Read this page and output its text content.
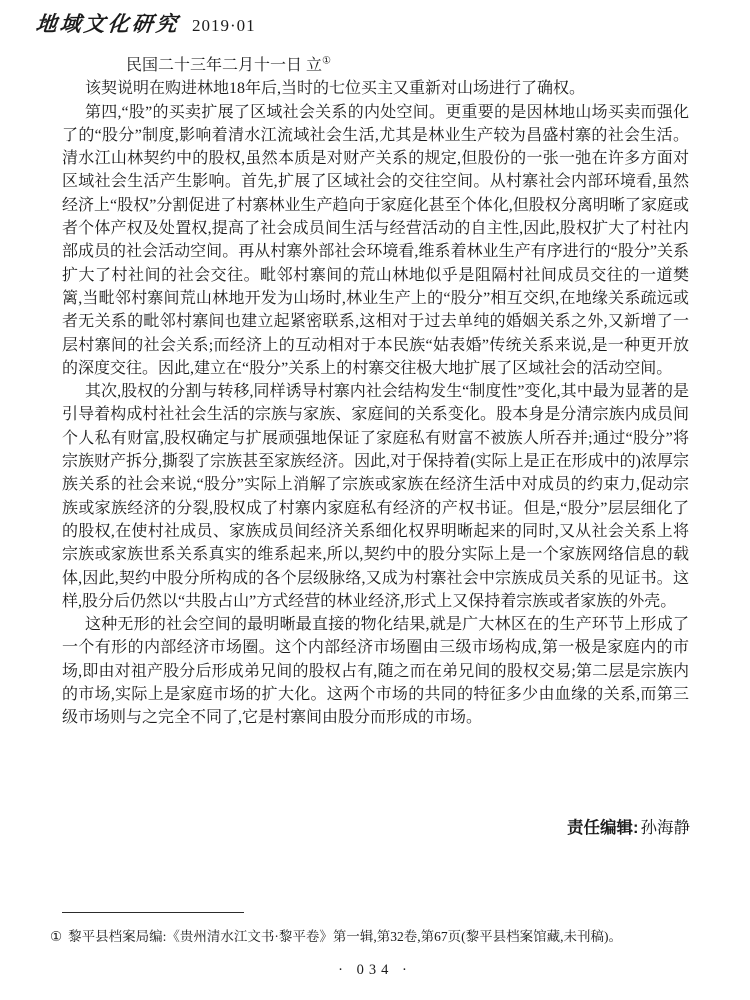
地域文化研究 2019·01

民国二十三年二月十一日 立①

该契说明在购进林地18年后,当时的七位买主又重新对山场进行了确权。

第四,“股”的买卖扩展了区域社会关系的内处空间。更重要的是因林地山场买卖而强化了的“股分”制度,影响着清水江流域社会生活,尤其是林业生产较为昌盛村寨的社会生活。清水江山林契约中的股权,虽然本质是对财产关系的规定,但股份的一张一弛在许多方面对区域社会生活产生影响。首先,扩展了区域社会的交往空间。从村寨社会内部环境看,虽然经济上“股权”分割促进了村寨林业生产趋向于家庭化甚至个体化,但股权分离明晰了家庭或者个体产权及处置权,提高了社会成员间生活与经营活动的自主性,因此,股权扩大了村社内部成员的社会活动空间。再从村寨外部社会环境看,维系着林业生产有序进行的“股分”关系扩大了村社间的社会交往。毗邻村寨间的荒山林地似乎是阻隔村社间成员交往的一道樊篱,当毗邻村寨间荒山林地开发为山场时,林业生产上的“股分”相互交织,在地缘关系疏远或者无关系的毗邻村寨间也建立起紧密联系,这相对于过去单纯的婚姻关系之外,又新增了一层村寨间的社会关系;而经济上的互动相对于本民族“姑表婚”传统关系来说,是一种更开放的深度交往。因此,建立在“股分”关系上的村寨交往极大地扩展了区域社会的活动空间。

其次,股权的分割与转移,同样诱导村寨内社会结构发生“制度性”变化,其中最为显著的是引导着构成村社社会生活的宗族与家族、家庭间的关系变化。股本身是分清宗族内成员间个人私有财富,股权确定与扩展顽强地保证了家庭私有财富不被族人所吞并;通过“股分”将宗族财产拆分,撕裂了宗族甚至家族经济。因此,对于保持着(实际上是正在形成中的)浓厚宗族关系的社会来说,“股分”实际上消解了宗族或家族在经济生活中对成员的约束力,促动宗族或家族经济的分裂,股权成了村寨内家庭私有经济的产权书证。但是,“股分”层层细化了的股权,在使村社成员、家族成员间经济关系细化权界明晰起来的同时,又从社会关系上将宗族或家族世系关系真实的维系起来,所以,契约中的股分实际上是一个家族网络信息的载体,因此,契约中股分所构成的各个层级脉络,又成为村寨社会中宗族成员关系的见证书。这样,股分后仍然以“共股占山”方式经营的林业经济,形式上又保持着宗族或者家族的外壳。

这种无形的社会空间的最明晰最直接的物化结果,就是广大林区在的生产环节上形成了一个有形的内部经济市场圈。这个内部经济市场圈由三级市场构成,第一极是家庭内的市场,即由对祖产股分后形成弟兄间的股权占有,随之而在弟兄间的股权交易;第二层是宗族内的市场,实际上是家庭市场的扩大化。这两个市场的共同的特征多少由血缘的关系,而第三级市场则与之完全不同了,它是村寨间由股分而形成的市场。

责任编辑: 孙海静
① 黎平县档案局编:《贵州清水江文书·黎平卷》第一辑,第32卷,第67页(黎平县档案馆藏,未刊稿)。
· 034 ·
